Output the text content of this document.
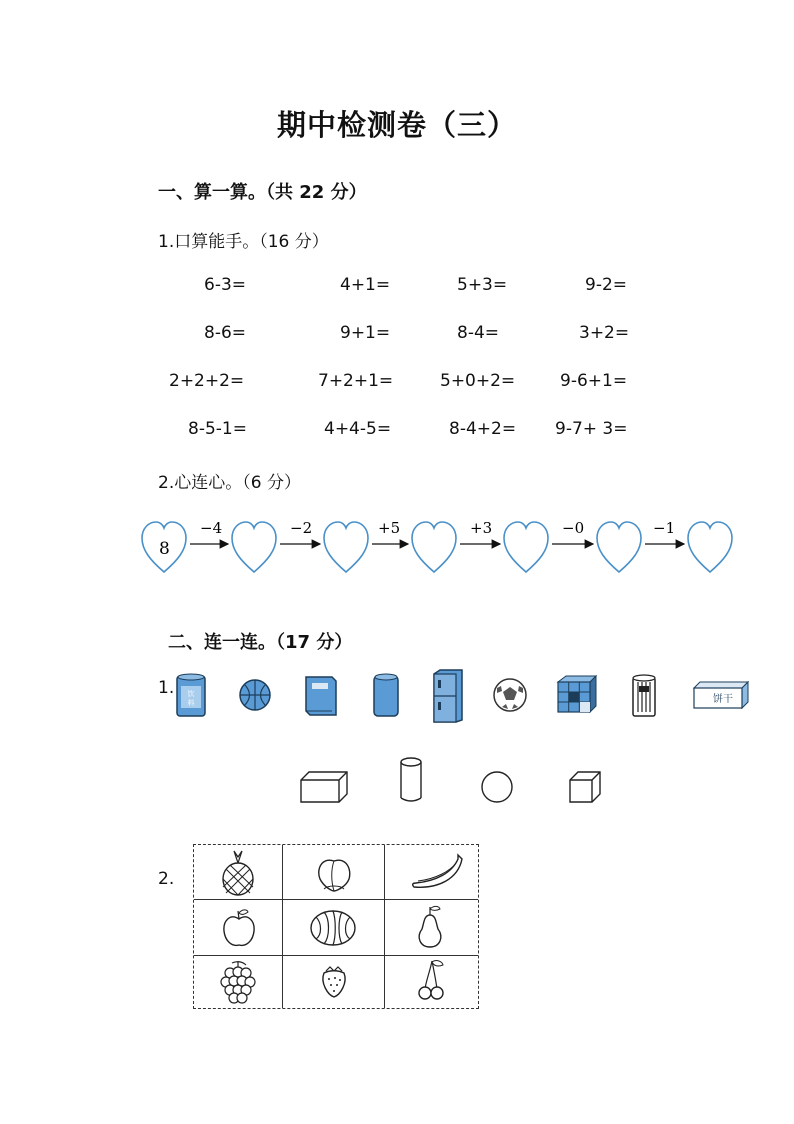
期中检测卷（三）
一、算一算。（共 22 分）
1.口算能手。（16 分）
6-3=	4+1=	5+3=	9-2=
8-6=	9+1=	8-4=	3+2=
2+2+2=	7+2+1=	5+0+2=	9-6+1=
8-5-1=	4+4-5=	8-4+2=	9-7+ 3=
2.心连心。（6 分）
8
−4	−2	+5	+3	−0	−1
二、连一连。（17 分）
1. 饮
料	饼干
2.
